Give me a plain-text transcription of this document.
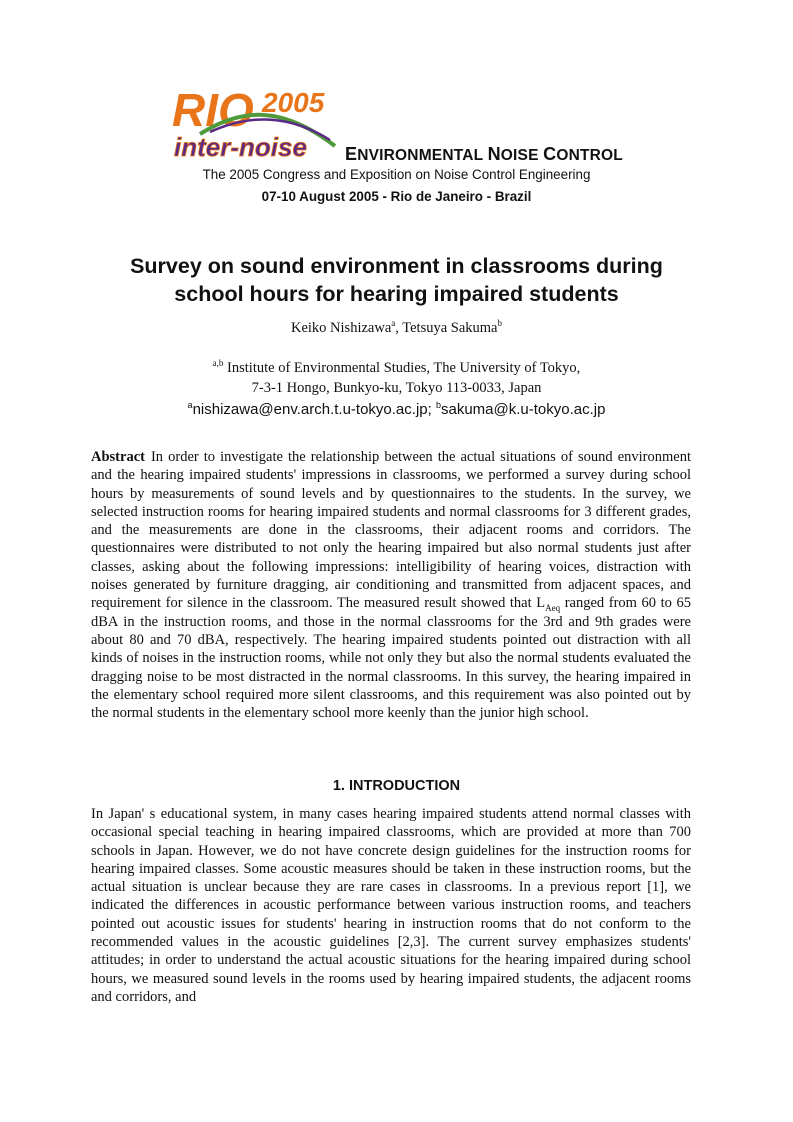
RIO 2005
inter-noise ENVIRONMENTAL NOISE CONTROL
The 2005 Congress and Exposition on Noise Control Engineering
07-10 August 2005 - Rio de Janeiro - Brazil
Survey on sound environment in classrooms during
school hours for hearing impaired students
Keiko Nishizawa$^a$, Tetsuya Sakuma$^b$
$^{a,b}$ Institute of Environmental Studies, The University of Tokyo,
7-3-1 Hongo, Bunkyo-ku, Tokyo 113-0033, Japan
$^a$nishizawa@env.arch.t.u-tokyo.ac.jp; $^b$sakuma@k.u-tokyo.ac.jp
Abstract In order to investigate the relationship between the actual situations of sound environment and the hearing impaired students' impressions in classrooms, we performed a survey during school hours by measurements of sound levels and by questionnaires to the students. In the survey, we selected instruction rooms for hearing impaired students and normal classrooms for 3 different grades, and the measurements are done in the classrooms, their adjacent rooms and corridors. The questionnaires were distributed to not only the hearing impaired but also normal students just after classes, asking about the following impressions: intelligibility of hearing voices, distraction with noises generated by furniture dragging, air conditioning and transmitted from adjacent spaces, and requirement for silence in the classroom. The measured result showed that $L_{Aeq}$ ranged from 60 to 65 dBA in the instruction rooms, and those in the normal classrooms for the 3rd and 9th grades were about 80 and 70 dBA, respectively. The hearing impaired students pointed out distraction with all kinds of noises in the instruction rooms, while not only they but also the normal students evaluated the dragging noise to be most distracted in the normal classrooms. In this survey, the hearing impaired in the elementary school required more silent classrooms, and this requirement was also pointed out by the normal students in the elementary school more keenly than the junior high school.
1. INTRODUCTION
In Japan' s educational system, in many cases hearing impaired students attend normal classes with occasional special teaching in hearing impaired classrooms, which are provided at more than 700 schools in Japan. However, we do not have concrete design guidelines for the instruction rooms for hearing impaired classes. Some acoustic measures should be taken in these instruction rooms, but the actual situation is unclear because they are rare cases in classrooms. In a previous report [1], we indicated the differences in acoustic performance between various instruction rooms, and teachers pointed out acoustic issues for students' hearing in instruction rooms that do not conform to the recommended values in the acoustic guidelines [2,3]. The current survey emphasizes students' attitudes; in order to understand the actual acoustic situations for the hearing impaired during school hours, we measured sound levels in the rooms used by hearing impaired students, the adjacent rooms and corridors, and
